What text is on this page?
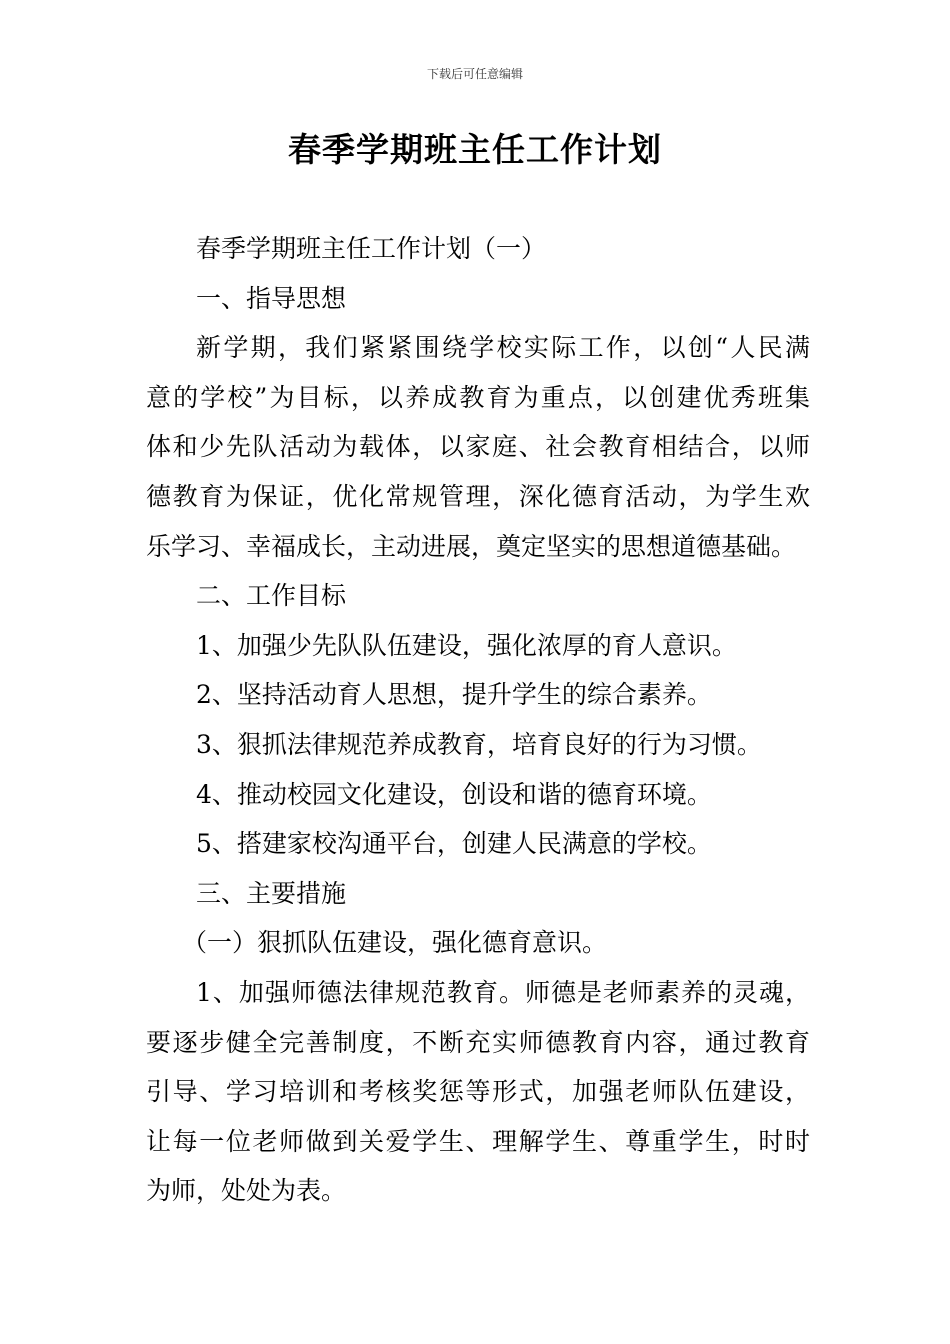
下载后可任意编辑
春季学期班主任工作计划
春季学期班主任工作计划（一）
一、指导思想
新学期，我们紧紧围绕学校实际工作，以创“人民满
意的学校”为目标，以养成教育为重点，以创建优秀班集
体和少先队活动为载体，以家庭、社会教育相结合，以师
德教育为保证，优化常规管理，深化德育活动，为学生欢
乐学习、幸福成长，主动进展，奠定坚实的思想道德基础。
二、工作目标
1、加强少先队队伍建设，强化浓厚的育人意识。
2、坚持活动育人思想，提升学生的综合素养。
3、狠抓法律规范养成教育，培育良好的行为习惯。
4、推动校园文化建设，创设和谐的德育环境。
5、搭建家校沟通平台，创建人民满意的学校。
三、主要措施
（一）狠抓队伍建设，强化德育意识。
1、加强师德法律规范教育。师德是老师素养的灵魂，
要逐步健全完善制度，不断充实师德教育内容，通过教育
引导、学习培训和考核奖惩等形式，加强老师队伍建设，
让每一位老师做到关爱学生、理解学生、尊重学生，时时
为师，处处为表。
